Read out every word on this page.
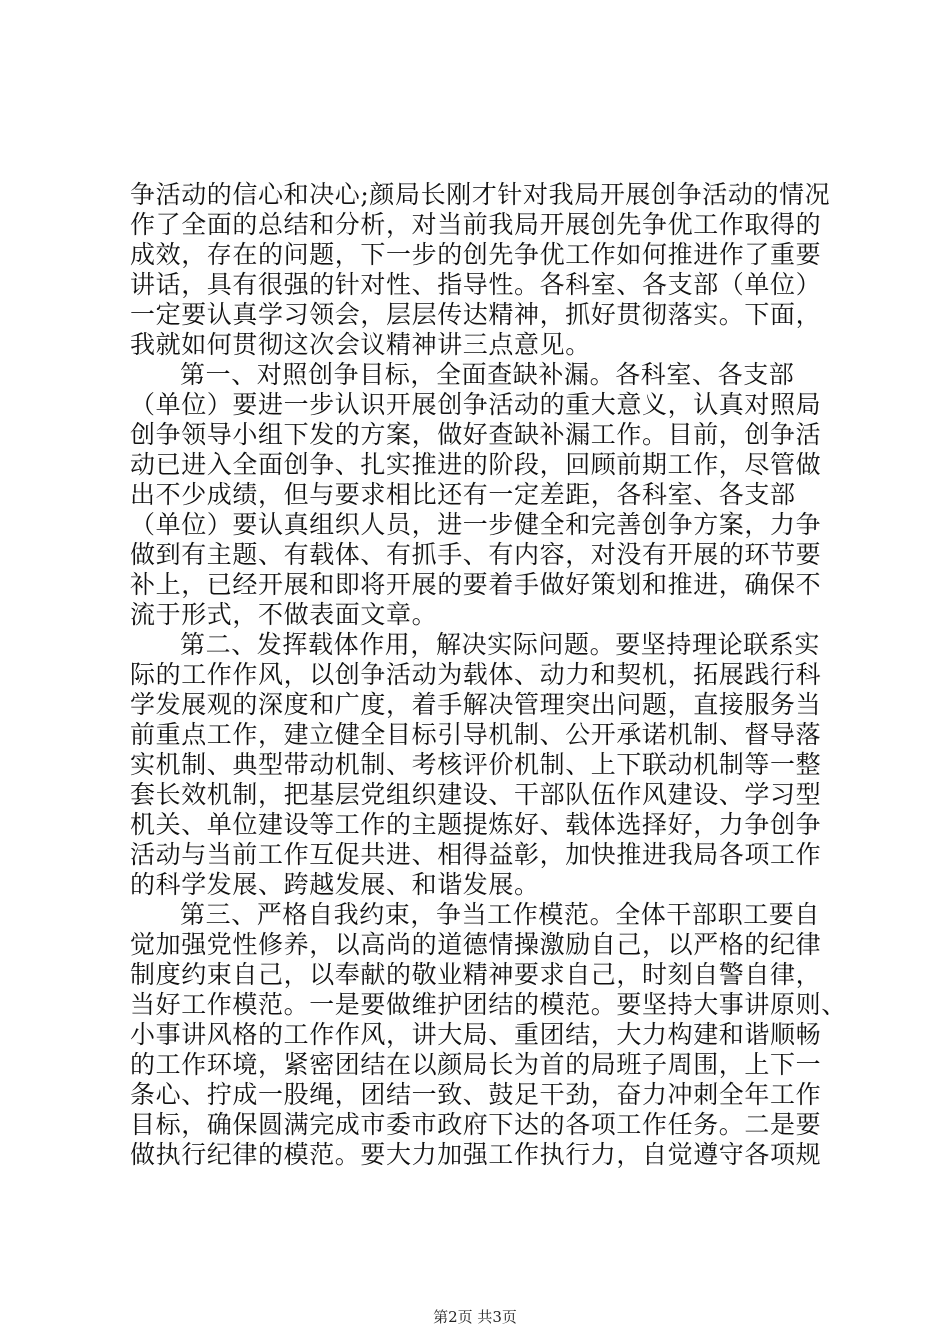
争活动的信心和决心;颜局长刚才针对我局开展创争活动的情况
作了全面的总结和分析，对当前我局开展创先争优工作取得的
成效，存在的问题，下一步的创先争优工作如何推进作了重要
讲话，具有很强的针对性、指导性。各科室、各支部（单位）
一定要认真学习领会，层层传达精神，抓好贯彻落实。下面，
我就如何贯彻这次会议精神讲三点意见。
第一、对照创争目标，全面查缺补漏。各科室、各支部
（单位）要进一步认识开展创争活动的重大意义，认真对照局
创争领导小组下发的方案，做好查缺补漏工作。目前，创争活
动已进入全面创争、扎实推进的阶段，回顾前期工作，尽管做
出不少成绩，但与要求相比还有一定差距，各科室、各支部
（单位）要认真组织人员，进一步健全和完善创争方案，力争
做到有主题、有载体、有抓手、有内容，对没有开展的环节要
补上，已经开展和即将开展的要着手做好策划和推进，确保不
流于形式，不做表面文章。
第二、发挥载体作用，解决实际问题。要坚持理论联系实
际的工作作风，以创争活动为载体、动力和契机，拓展践行科
学发展观的深度和广度，着手解决管理突出问题，直接服务当
前重点工作，建立健全目标引导机制、公开承诺机制、督导落
实机制、典型带动机制、考核评价机制、上下联动机制等一整
套长效机制，把基层党组织建设、干部队伍作风建设、学习型
机关、单位建设等工作的主题提炼好、载体选择好，力争创争
活动与当前工作互促共进、相得益彰，加快推进我局各项工作
的科学发展、跨越发展、和谐发展。
第三、严格自我约束，争当工作模范。全体干部职工要自
觉加强党性修养，以高尚的道德情操激励自己，以严格的纪律
制度约束自己，以奉献的敬业精神要求自己，时刻自警自律，
当好工作模范。一是要做维护团结的模范。要坚持大事讲原则、
小事讲风格的工作作风，讲大局、重团结，大力构建和谐顺畅
的工作环境，紧密团结在以颜局长为首的局班子周围，上下一
条心、拧成一股绳，团结一致、鼓足干劲，奋力冲刺全年工作
目标，确保圆满完成市委市政府下达的各项工作任务。二是要
做执行纪律的模范。要大力加强工作执行力，自觉遵守各项规
第2页 共3页
